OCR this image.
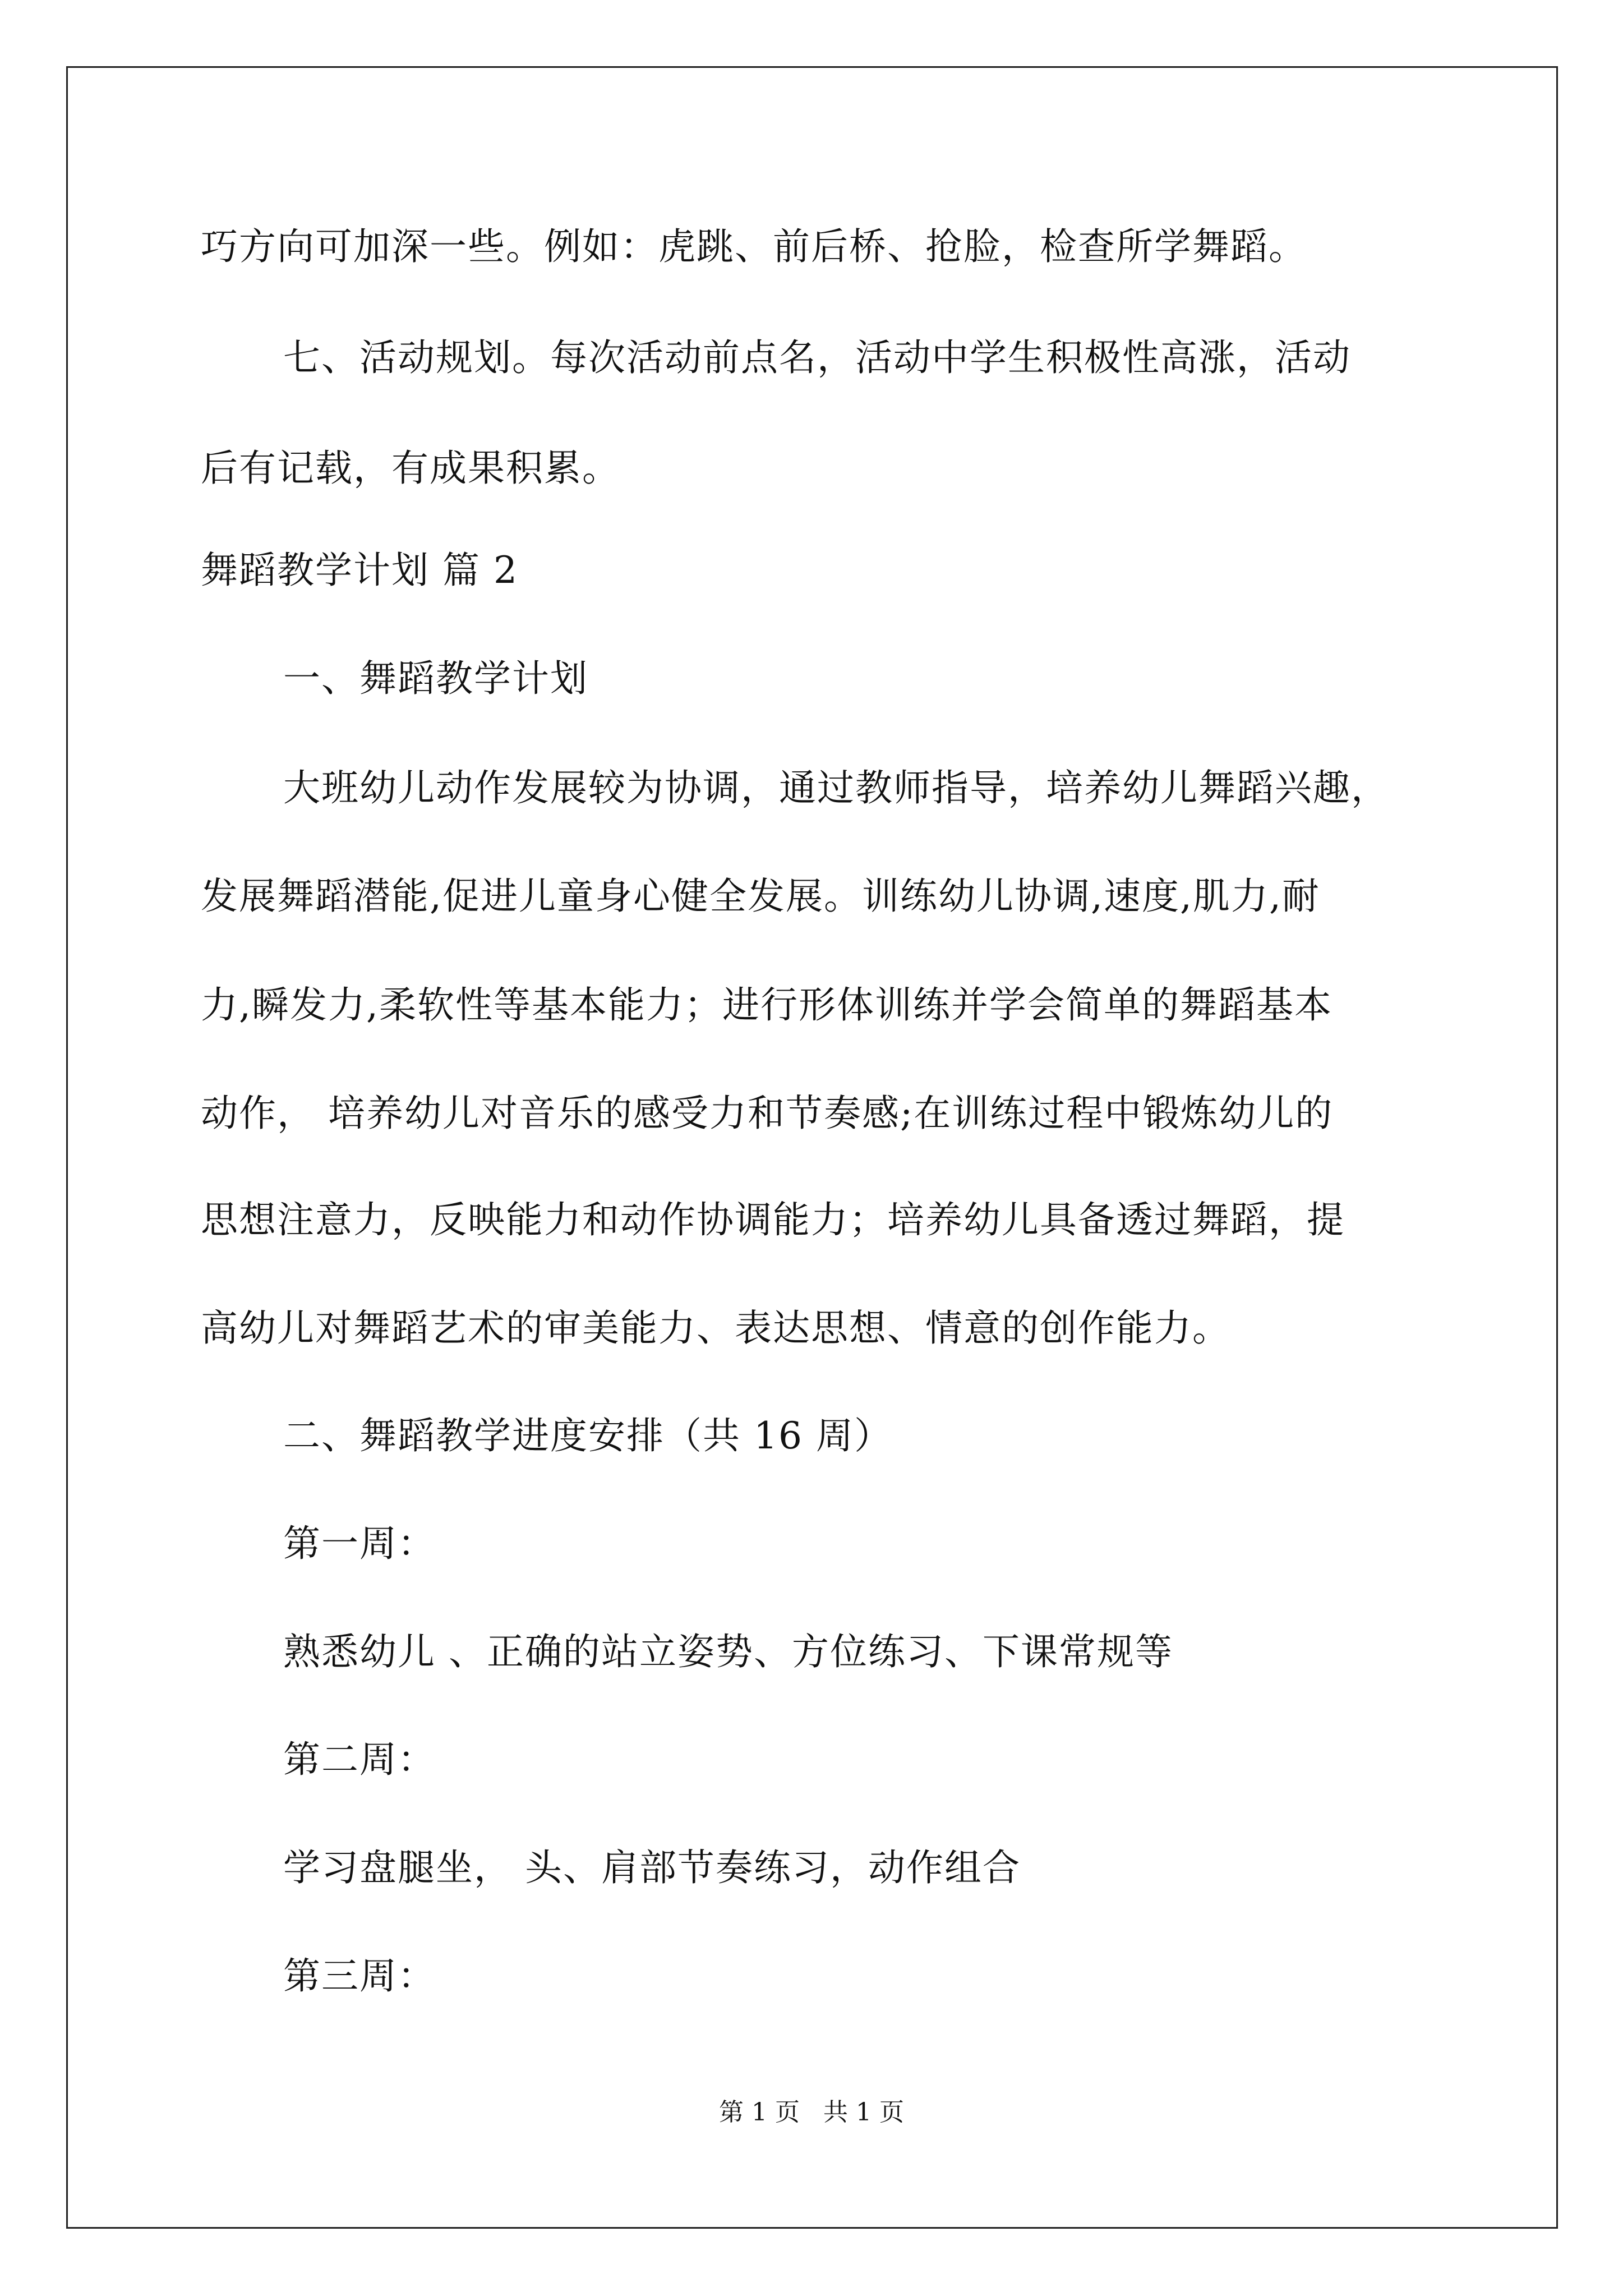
巧方向可加深一些。例如：虎跳、前后桥、抢脸，检查所学舞蹈。
七、活动规划。每次活动前点名，活动中学生积极性高涨，活动
后有记载，有成果积累。
舞蹈教学计划 篇 2
一、舞蹈教学计划
大班幼儿动作发展较为协调，通过教师指导，培养幼儿舞蹈兴趣，
发展舞蹈潜能,促进儿童身心健全发展。训练幼儿协调,速度,肌力,耐
力,瞬发力,柔软性等基本能力；进行形体训练并学会简单的舞蹈基本
动作， 培养幼儿对音乐的感受力和节奏感;在训练过程中锻炼幼儿的
思想注意力，反映能力和动作协调能力；培养幼儿具备透过舞蹈，提
高幼儿对舞蹈艺术的审美能力、表达思想、情意的创作能力。
二、舞蹈教学进度安排（共 16 周）
第一周：
熟悉幼儿 、正确的站立姿势、方位练习、下课常规等
第二周：
学习盘腿坐， 头、肩部节奏练习，动作组合
第三周：
第 1 页   共 1 页
